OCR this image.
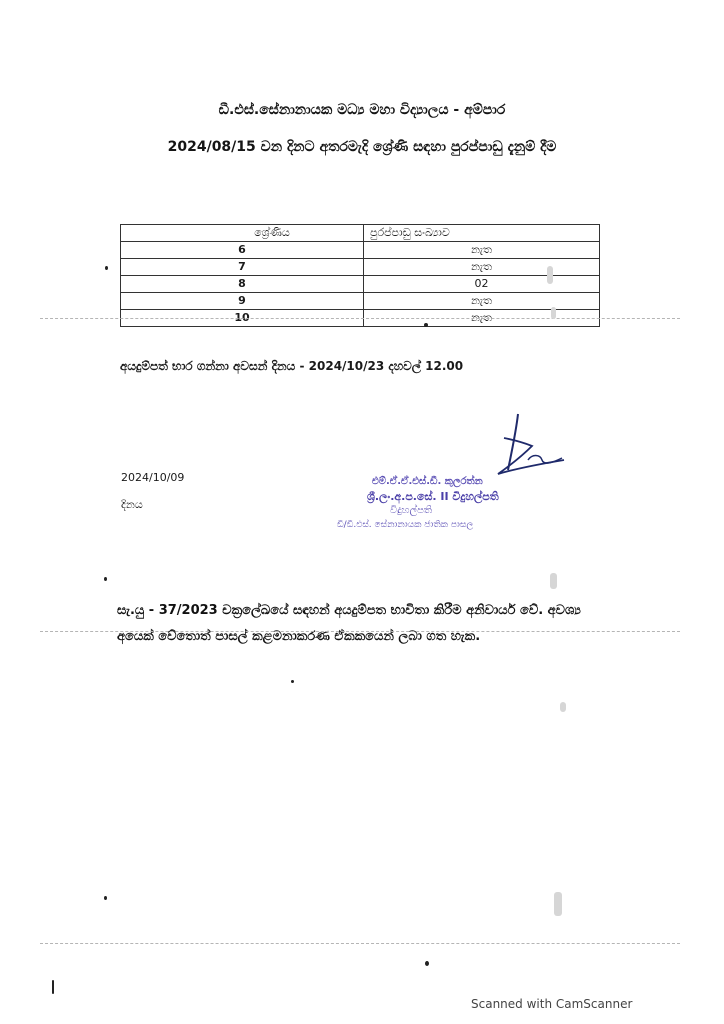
ඩී.එස්.සේනානායක මධ්‍ය මහා විද්‍යාලය - අම්පාර
2024/08/15 වන දිනට අතරමැදි ශ්‍රේණි සඳහා පුරප්පාඩු දැනුම් දීම
ශ්‍රේණිය	පුරප්පාඩු සංඛ්‍යාව
6	නැත
7	නැත
8	02
9	නැත
10	නැත
අයදුම්පත් භාර ගන්නා අවසන් දිනය - 2024/10/23 දහවල් 12.00
2024/10/09
දිනය
එම්.ඒ.ඒ.එස්.ඩී. කුලරත්න
ශ්‍රී.ලං.අ.ප.සේ. II විදුහල්පති
විදුහල්පති
ඩී/ඩී.එස්. සේනානායක ජාතික පාසල
සැ.යු - 37/2023 චක්‍රලේඛයේ සඳහන් අයදුම්පත භාවිතා කිරීම අනිවාර්ය වේ. අවශ්‍ය අයෙක් වේතොත් පාසල් කළමනාකරණ ඒකකයෙන් ලබා ගත හැක.
Scanned with CamScanner
